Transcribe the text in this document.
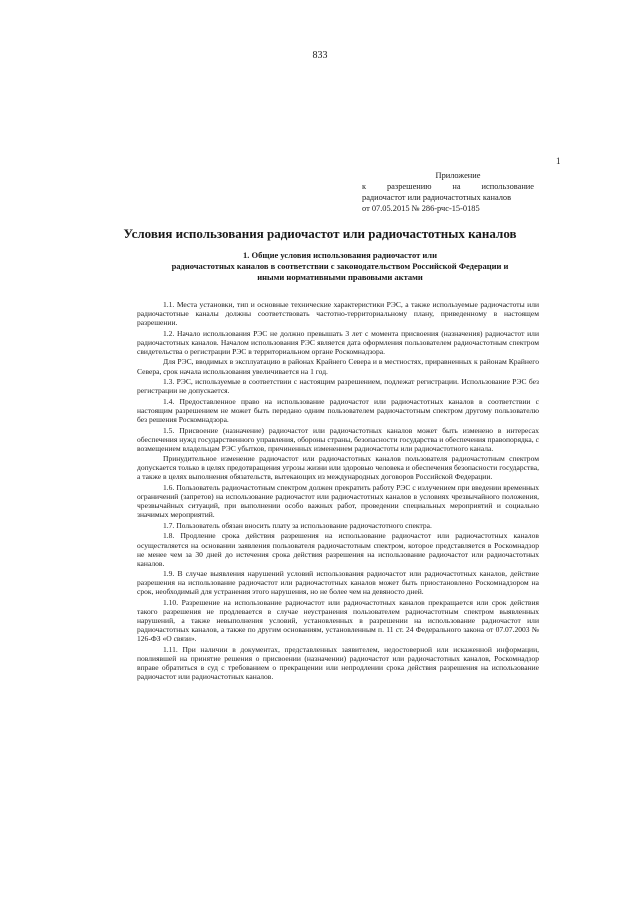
833
1
Приложение
к разрешению на использование
радиочастот или радиочастотных каналов
от 07.05.2015 № 286-рчс-15-0185
Условия использования радиочастот или радиочастотных каналов
1. Общие условия использования радиочастот или
радиочастотных каналов в соответствии с законодательством Российской Федерации и
иными нормативными правовыми актами

1.1. Места установки, тип и основные технические характеристики РЭС, а также используемые радиочастоты или радиочастотные каналы должны соответствовать частотно-территориальному плану, приведенному в настоящем разрешении.

1.2. Начало использования РЭС не должно превышать 3 лет с момента присвоения (назначения) радиочастот или радиочастотных каналов. Началом использования РЭС является дата оформления пользователем радиочастотным спектром свидетельства о регистрации РЭС в территориальном органе Роскомнадзора.

Для РЭС, вводимых в эксплуатацию в районах Крайнего Севера и в местностях, приравненных к районам Крайнего Севера, срок начала использования увеличивается на 1 год.

1.3. РЭС, используемые в соответствии с настоящим разрешением, подлежат регистрации. Использование РЭС без регистрации не допускается.

1.4. Предоставленное право на использование радиочастот или радиочастотных каналов в соответствии с настоящим разрешением не может быть передано одним пользователем радиочастотным спектром другому пользователю без решения Роскомнадзора.

1.5. Присвоение (назначение) радиочастот или радиочастотных каналов может быть изменено в интересах обеспечения нужд государственного управления, обороны страны, безопасности государства и обеспечения правопорядка, с возмещением владельцам РЭС убытков, причиненных изменением радиочастоты или радиочастотного канала.

Принудительное изменение радиочастот или радиочастотных каналов пользователя радиочастотным спектром допускается только в целях предотвращения угрозы жизни или здоровью человека и обеспечения безопасности государства, а также в целях выполнения обязательств, вытекающих из международных договоров Российской Федерации.

1.6. Пользователь радиочастотным спектром должен прекратить работу РЭС с излучением при введении временных ограничений (запретов) на использование радиочастот или радиочастотных каналов в условиях чрезвычайного положения, чрезвычайных ситуаций, при выполнении особо важных работ, проведении специальных мероприятий и социально значимых мероприятий.

1.7. Пользователь обязан вносить плату за использование радиочастотного спектра.

1.8. Продление срока действия разрешения на использование радиочастот или радиочастотных каналов осуществляется на основании заявления пользователя радиочастотным спектром, которое представляется в Роскомнадзор не менее чем за 30 дней до истечения срока действия разрешения на использование радиочастот или радиочастотных каналов.

1.9. В случае выявления нарушений условий использования радиочастот или радиочастотных каналов, действие разрешения на использование радиочастот или радиочастотных каналов может быть приостановлено Роскомнадзором на срок, необходимый для устранения этого нарушения, но не более чем на девяносто дней.

1.10. Разрешение на использование радиочастот или радиочастотных каналов прекращается или срок действия такого разрешения не продлевается в случае неустранения пользователем радиочастотным спектром выявленных нарушений, а также невыполнения условий, установленных в разрешении на использование радиочастот или радиочастотных каналов, а также по другим основаниям, установленным п. 11 ст. 24 Федерального закона от 07.07.2003 № 126-ФЗ «О связи».

1.11. При наличии в документах, представленных заявителем, недостоверной или искаженной информации, повлиявшей на принятие решения о присвоении (назначении) радиочастот или радиочастотных каналов, Роскомнадзор вправе обратиться в суд с требованием о прекращении или непродлении срока действия разрешения на использование радиочастот или радиочастотных каналов.
